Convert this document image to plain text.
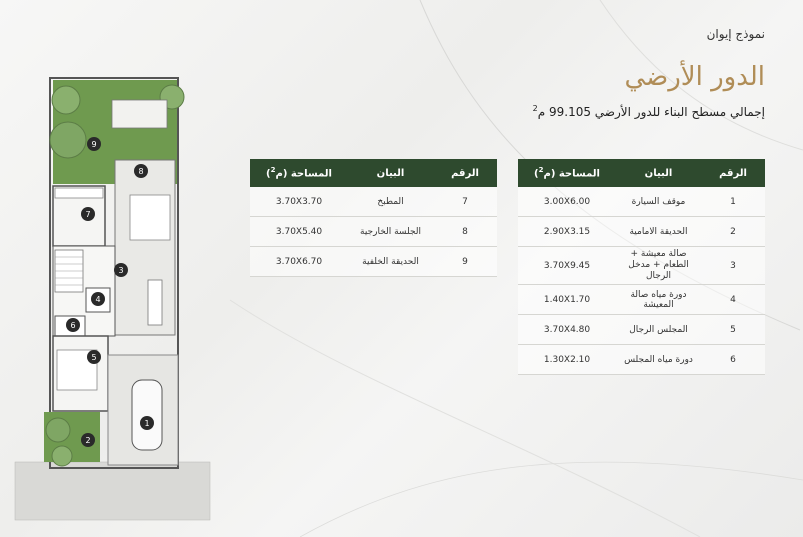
نموذج إيوان
الدور الأرضي
إجمالي مسطح البناء للدور الأرضي 99.105 م$^2$
الرقم	البيان	المساحة (م$^2$)
1	موقف السيارة	3.00X6.00
2	الحديقة الامامية	2.90X3.15
3	صالة معيشة + الطعام + مدخل الرجال	3.70X9.45
4	دورة مياه صالة المعيشة	1.40X1.70
5	المجلس الرجال	3.70X4.80
6	دورة مياه المجلس	1.30X2.10
الرقم	البيان	المساحة (م$^2$)
7	المطبخ	3.70X3.70
8	الجلسة الخارجية	3.70X5.40
9	الحديقة الخلفية	3.70X6.70
1
2
3
4
5
6
7
8
9
